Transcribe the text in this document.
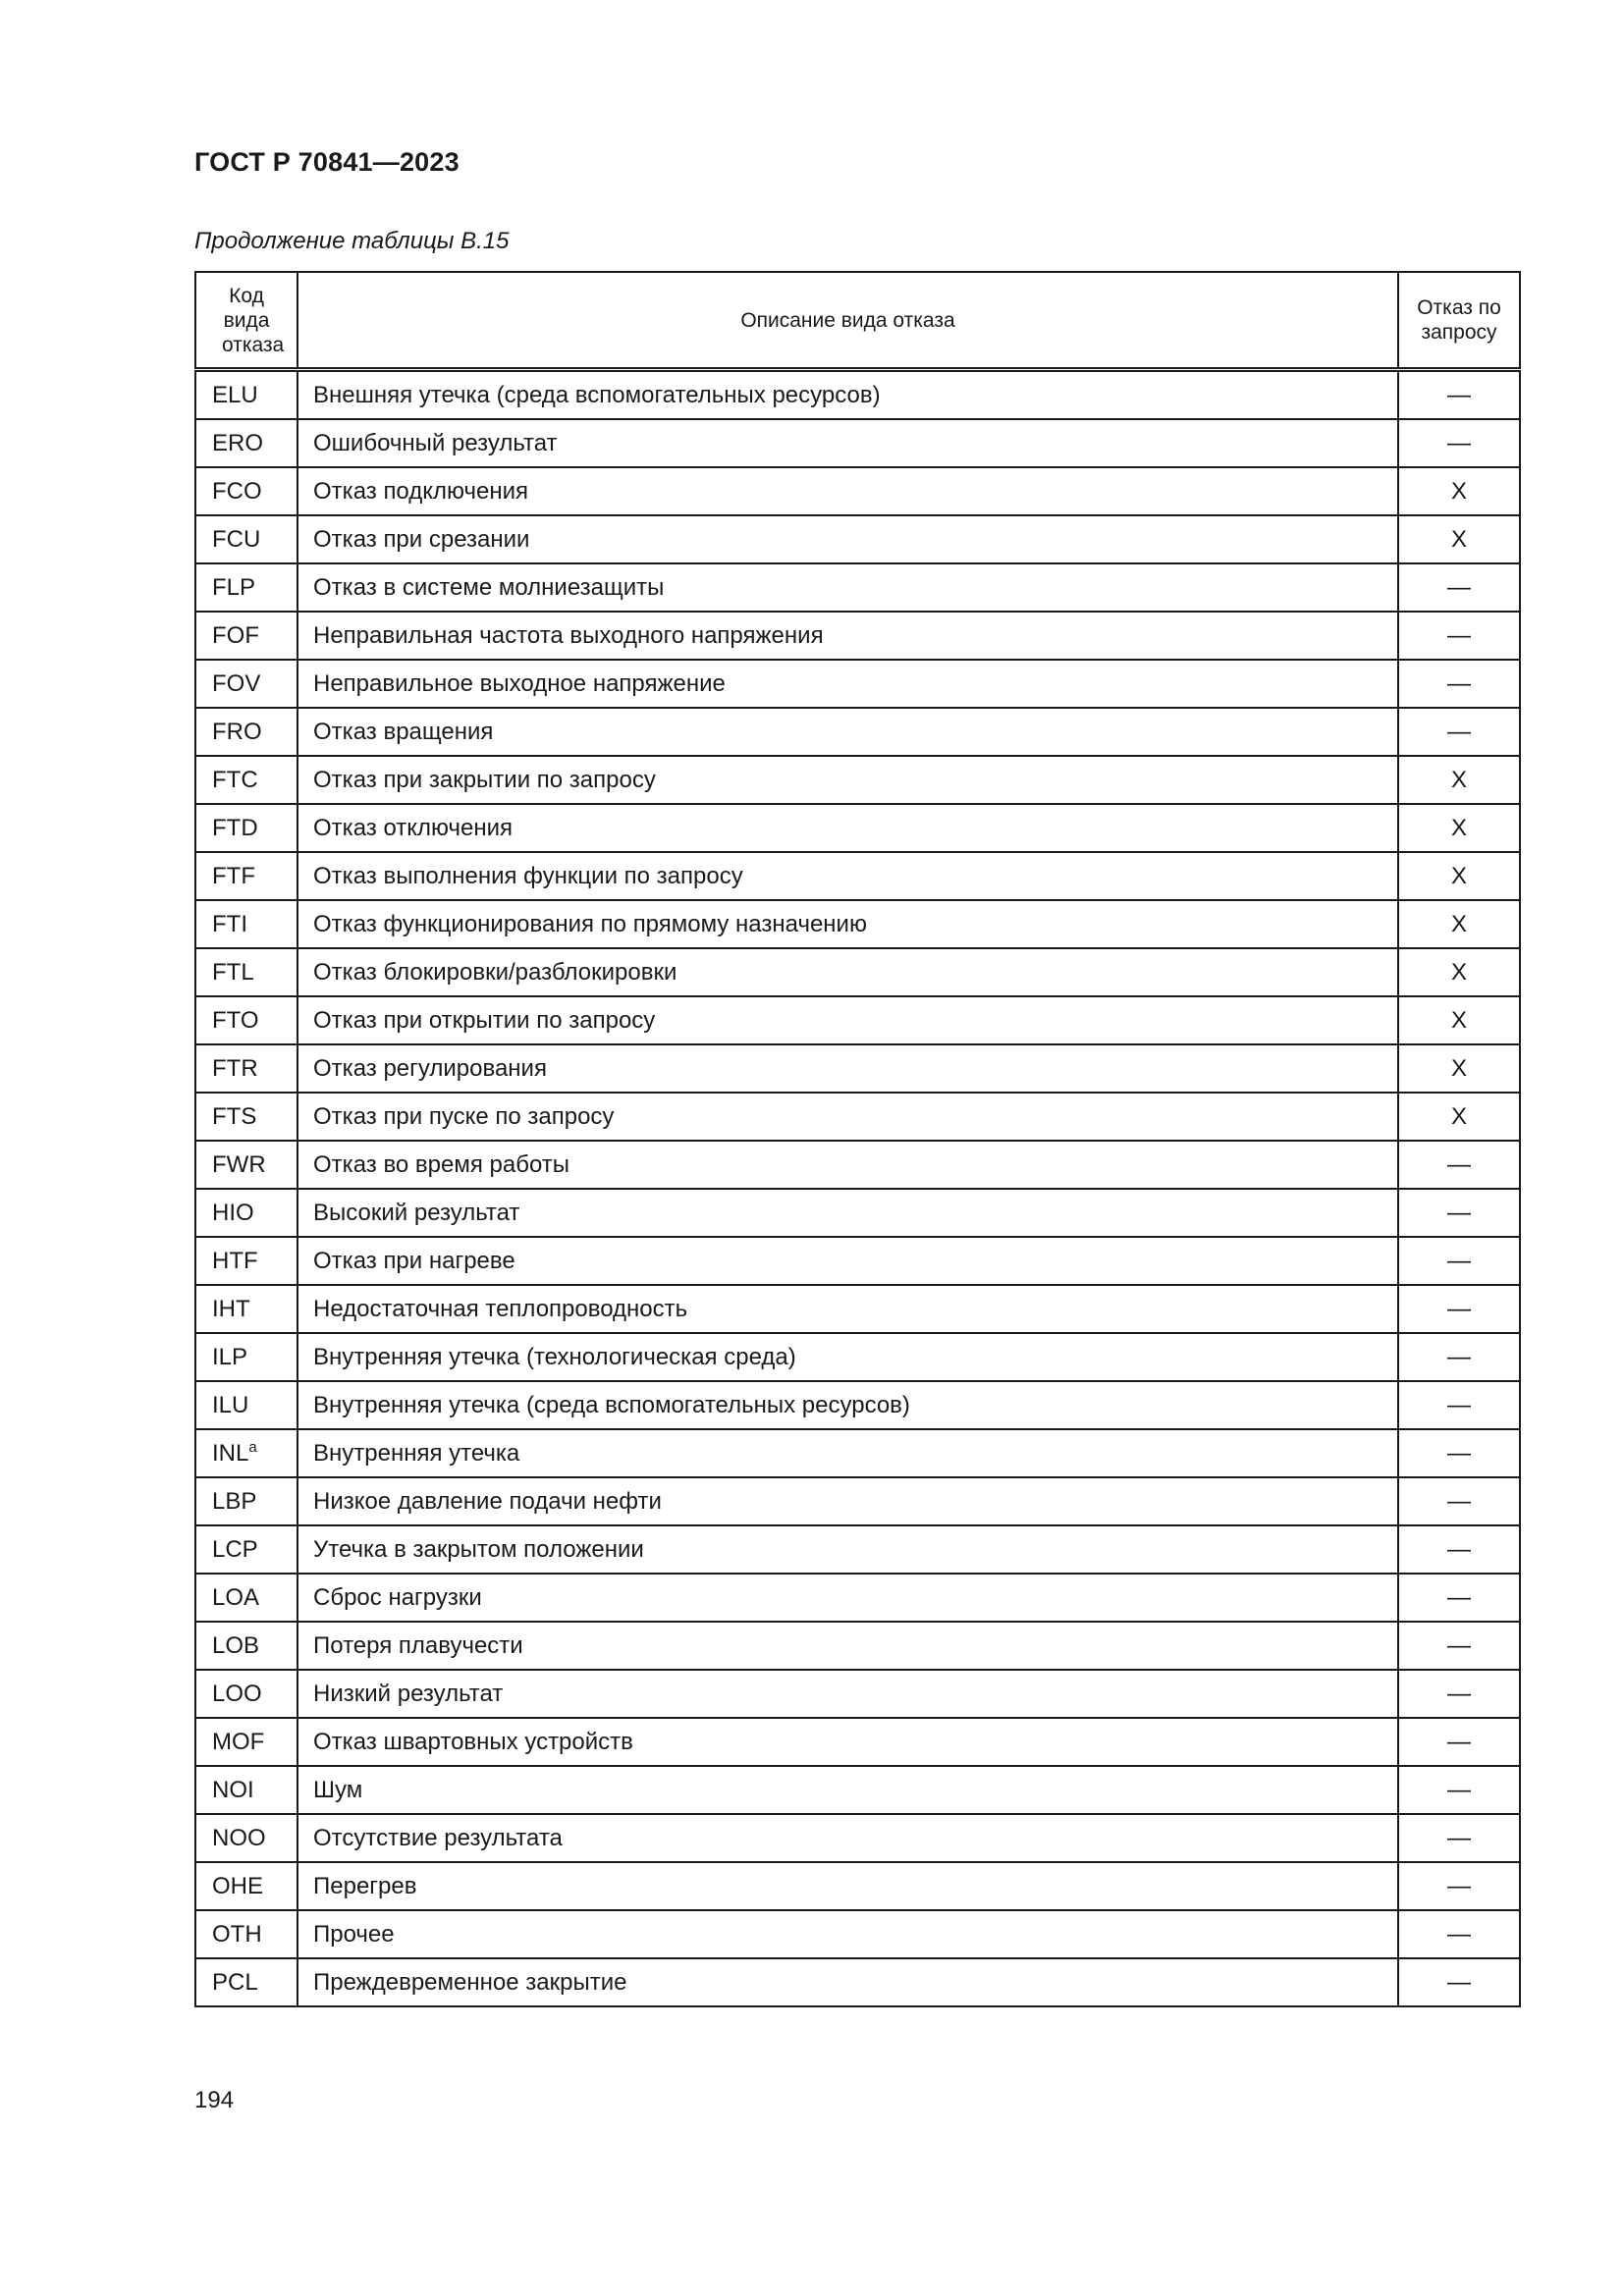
ГОСТ Р 70841—2023
Продолжение таблицы В.15
Код вида отказа	Описание вида отказа	Отказ по запросу
ELU	Внешняя утечка (среда вспомогательных ресурсов)	—
ERO	Ошибочный результат	—
FCO	Отказ подключения	X
FCU	Отказ при срезании	X
FLP	Отказ в системе молниезащиты	—
FOF	Неправильная частота выходного напряжения	—
FOV	Неправильное выходное напряжение	—
FRO	Отказ вращения	—
FTC	Отказ при закрытии по запросу	X
FTD	Отказ отключения	X
FTF	Отказ выполнения функции по запросу	X
FTI	Отказ функционирования по прямому назначению	X
FTL	Отказ блокировки/разблокировки	X
FTO	Отказ при открытии по запросу	X
FTR	Отказ регулирования	X
FTS	Отказ при пуске по запросу	X
FWR	Отказ во время работы	—
HIO	Высокий результат	—
HTF	Отказ при нагреве	—
IHT	Недостаточная теплопроводность	—
ILP	Внутренняя утечка (технологическая среда)	—
ILU	Внутренняя утечка (среда вспомогательных ресурсов)	—
INL$^a$	Внутренняя утечка	—
LBP	Низкое давление подачи нефти	—
LCP	Утечка в закрытом положении	—
LOA	Сброс нагрузки	—
LOB	Потеря плавучести	—
LOO	Низкий результат	—
MOF	Отказ швартовных устройств	—
NOI	Шум	—
NOO	Отсутствие результата	—
OHE	Перегрев	—
OTH	Прочее	—
PCL	Преждевременное закрытие	—
194
